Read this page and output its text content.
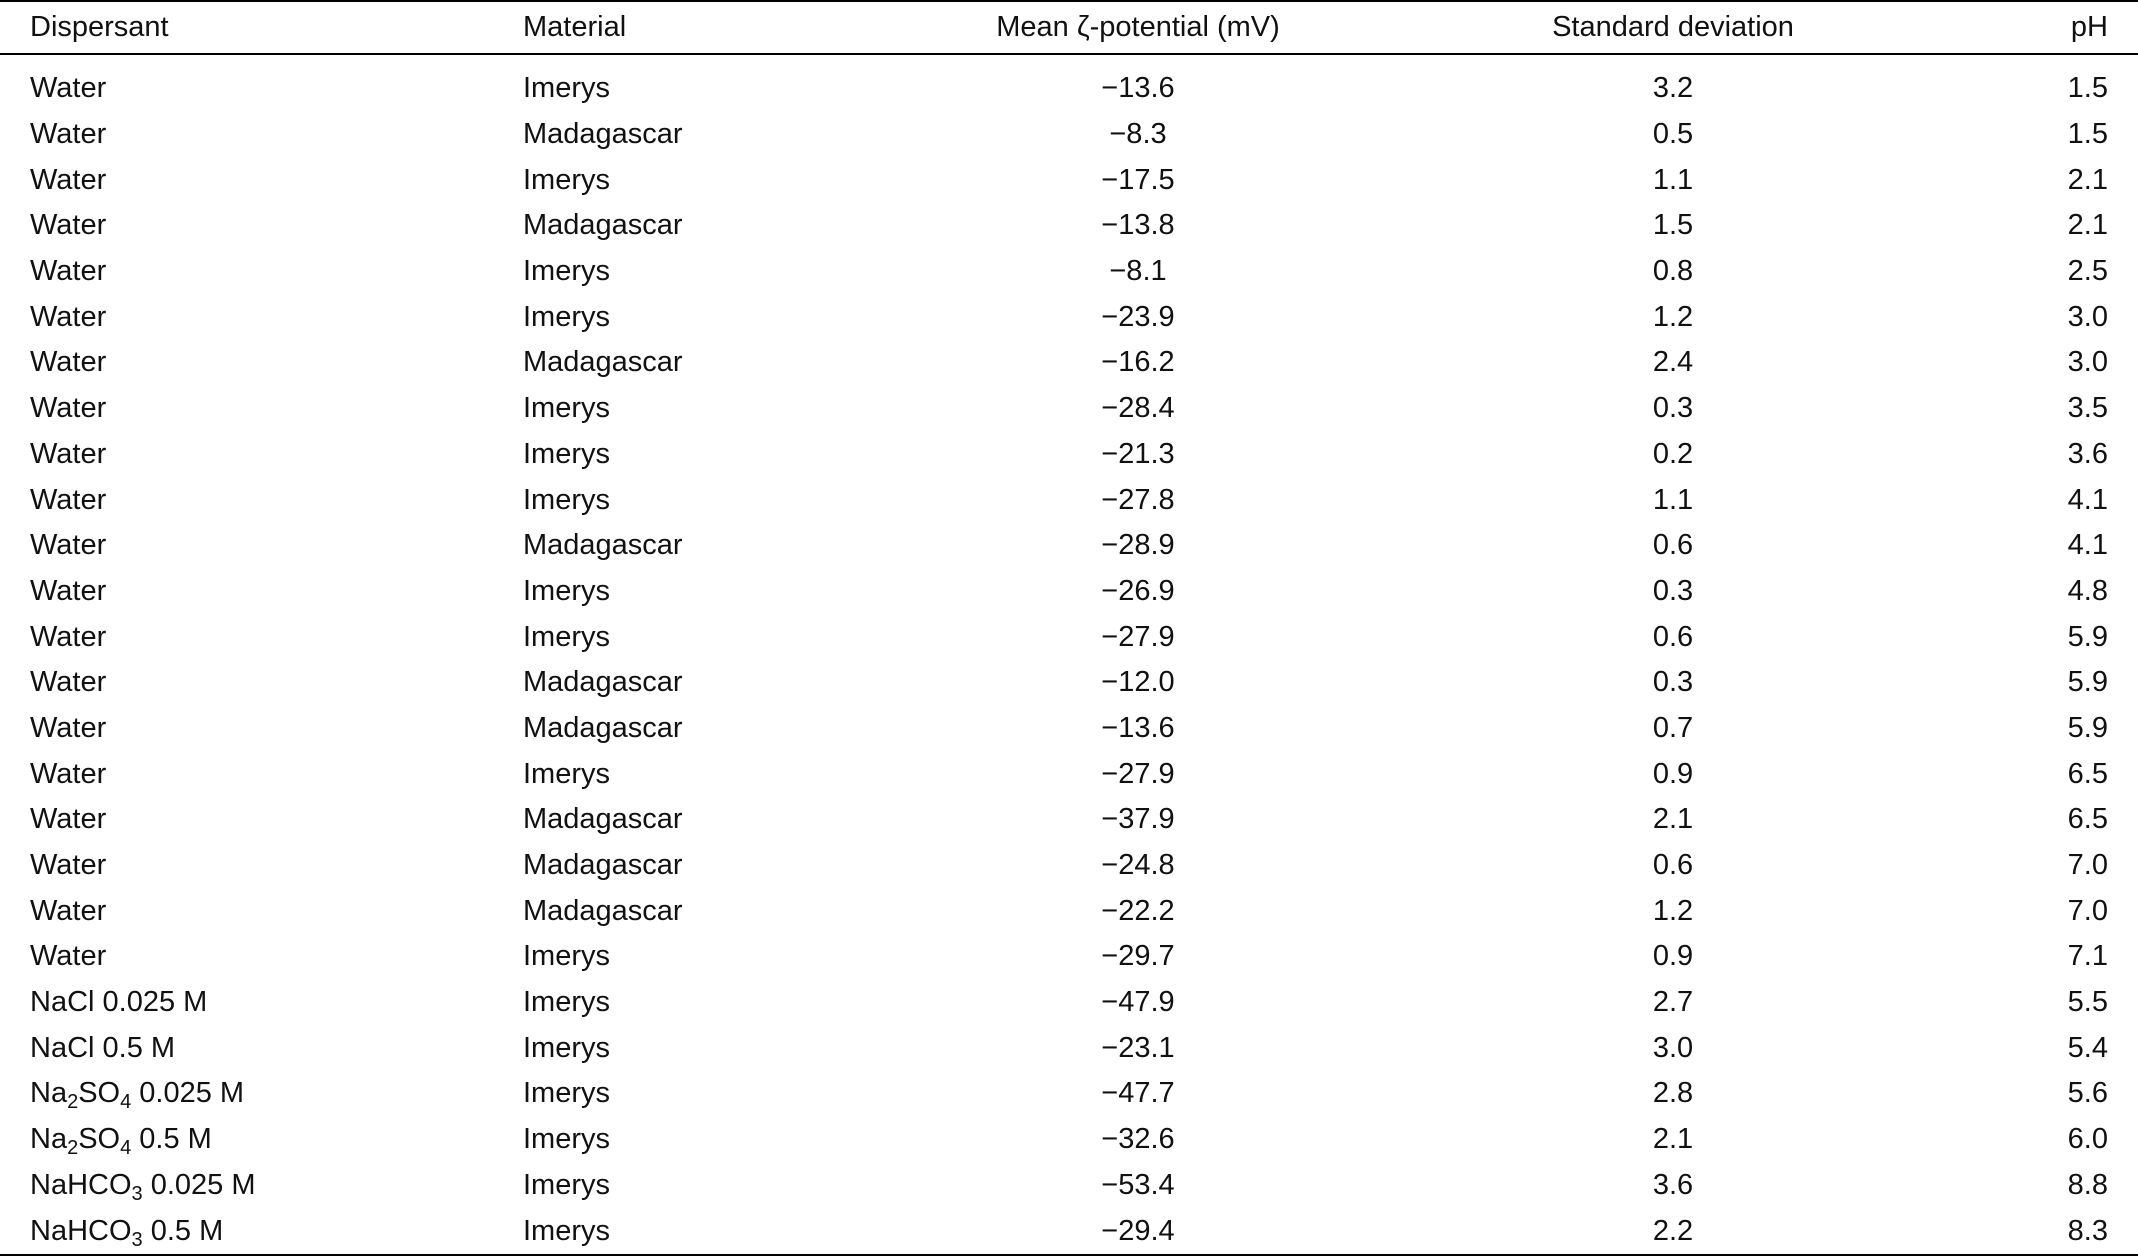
Dispersant	Material	Mean ζ-potential (mV)	Standard deviation	pH
Water	Imerys	−13.6	3.2	1.5
Water	Madagascar	−8.3	0.5	1.5
Water	Imerys	−17.5	1.1	2.1
Water	Madagascar	−13.8	1.5	2.1
Water	Imerys	−8.1	0.8	2.5
Water	Imerys	−23.9	1.2	3.0
Water	Madagascar	−16.2	2.4	3.0
Water	Imerys	−28.4	0.3	3.5
Water	Imerys	−21.3	0.2	3.6
Water	Imerys	−27.8	1.1	4.1
Water	Madagascar	−28.9	0.6	4.1
Water	Imerys	−26.9	0.3	4.8
Water	Imerys	−27.9	0.6	5.9
Water	Madagascar	−12.0	0.3	5.9
Water	Madagascar	−13.6	0.7	5.9
Water	Imerys	−27.9	0.9	6.5
Water	Madagascar	−37.9	2.1	6.5
Water	Madagascar	−24.8	0.6	7.0
Water	Madagascar	−22.2	1.2	7.0
Water	Imerys	−29.7	0.9	7.1
NaCl 0.025 M	Imerys	−47.9	2.7	5.5
NaCl 0.5 M	Imerys	−23.1	3.0	5.4
$Na_2SO_4$ 0.025 M	Imerys	−47.7	2.8	5.6
$Na_2SO_4$ 0.5 M	Imerys	−32.6	2.1	6.0
NaHCO$_3$ 0.025 M	Imerys	−53.4	3.6	8.8
NaHCO$_3$ 0.5 M	Imerys	−29.4	2.2	8.3
